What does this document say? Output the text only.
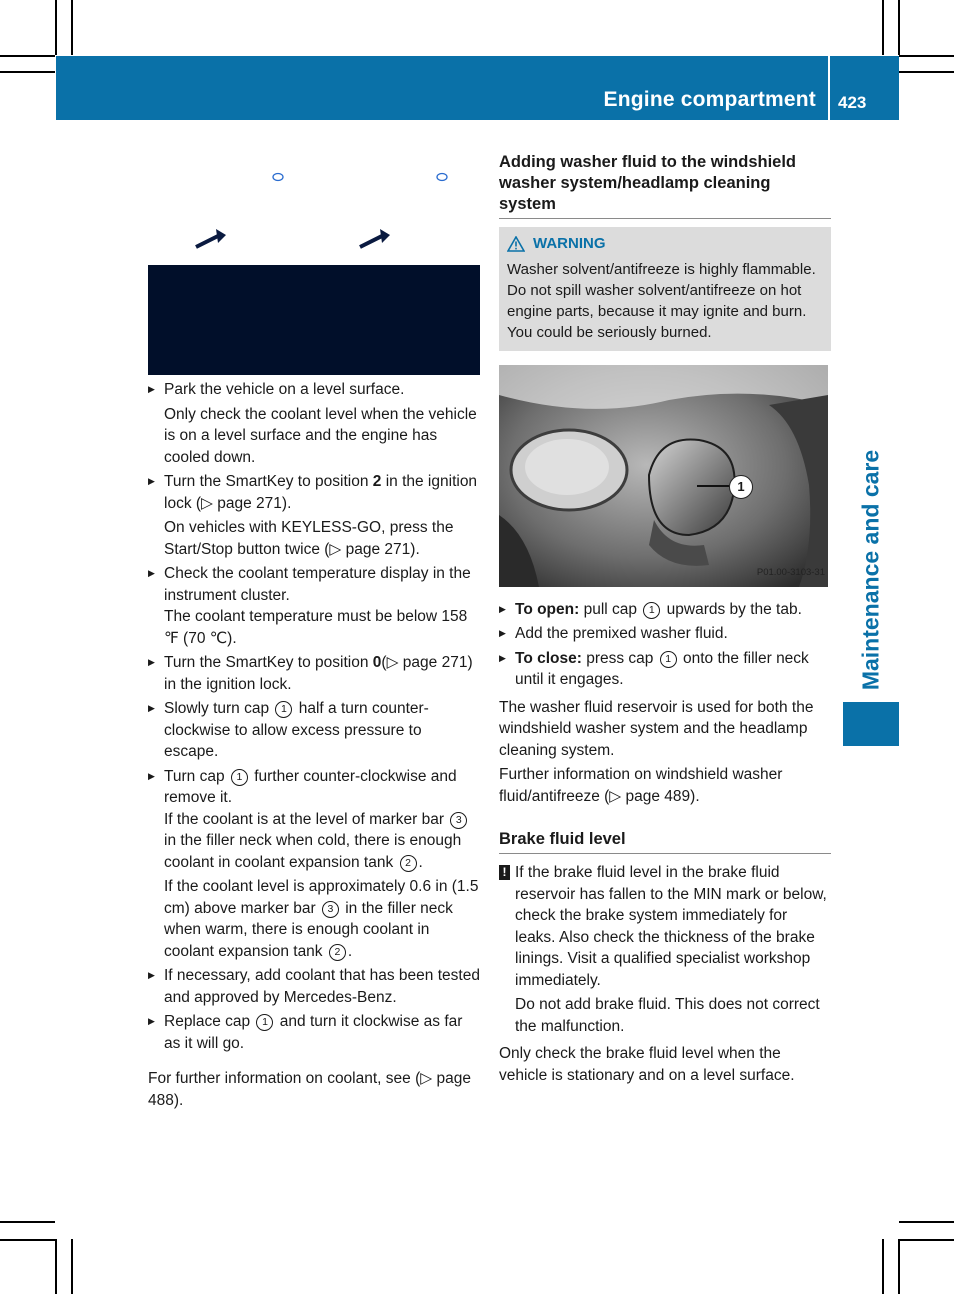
Engine compartment 423
Maintenance and care

▶ Park the vehicle on a level surface.

Only check the coolant level when the vehicle is on a level surface and the engine has cooled down.

▶ Turn the SmartKey to position 2 in the ignition lock (▷ page 271).

On vehicles with KEYLESS-GO, press the Start/Stop button twice (▷ page 271).

▶ Check the coolant temperature display in the instrument cluster.

The coolant temperature must be below 158 ℉ (70 ℃).

▶ Turn the SmartKey to position 0(▷ page 271) in the ignition lock.

▶ Slowly turn cap 1 half a turn counter-clockwise to allow excess pressure to escape.

▶ Turn cap 1 further counter-clockwise and remove it.

If the coolant is at the level of marker bar 3 in the filler neck when cold, there is enough coolant in coolant expansion tank 2 .

If the coolant level is approximately 0.6 in (1.5 cm) above marker bar 3 in the filler neck when warm, there is enough coolant in coolant expansion tank 2 .

▶ If necessary, add coolant that has been tested and approved by Mercedes-Benz.

▶ Replace cap 1 and turn it clockwise as far as it will go.

For further information on coolant, see (▷ page 488).

Adding washer fluid to the windshield washer system/headlamp cleaning system
WARNING
Washer solvent/antifreeze is highly flammable. Do not spill washer solvent/antifreeze on hot engine parts, because it may ignite and burn. You could be seriously burned.
1
P01.00-3103-31

▶ To open: pull cap 1 upwards by the tab.

▶ Add the premixed washer fluid.

▶ To close: press cap 1 onto the filler neck until it engages.

The washer fluid reservoir is used for both the windshield washer system and the headlamp cleaning system.

Further information on windshield washer fluid/antifreeze (▷ page 489).

Brake fluid level

! If the brake fluid level in the brake fluid reservoir has fallen to the MIN mark or below, check the brake system immediately for leaks. Also check the thickness of the brake linings. Visit a qualified specialist workshop immediately.

Do not add brake fluid. This does not correct the malfunction.

Only check the brake fluid level when the vehicle is stationary and on a level surface.
